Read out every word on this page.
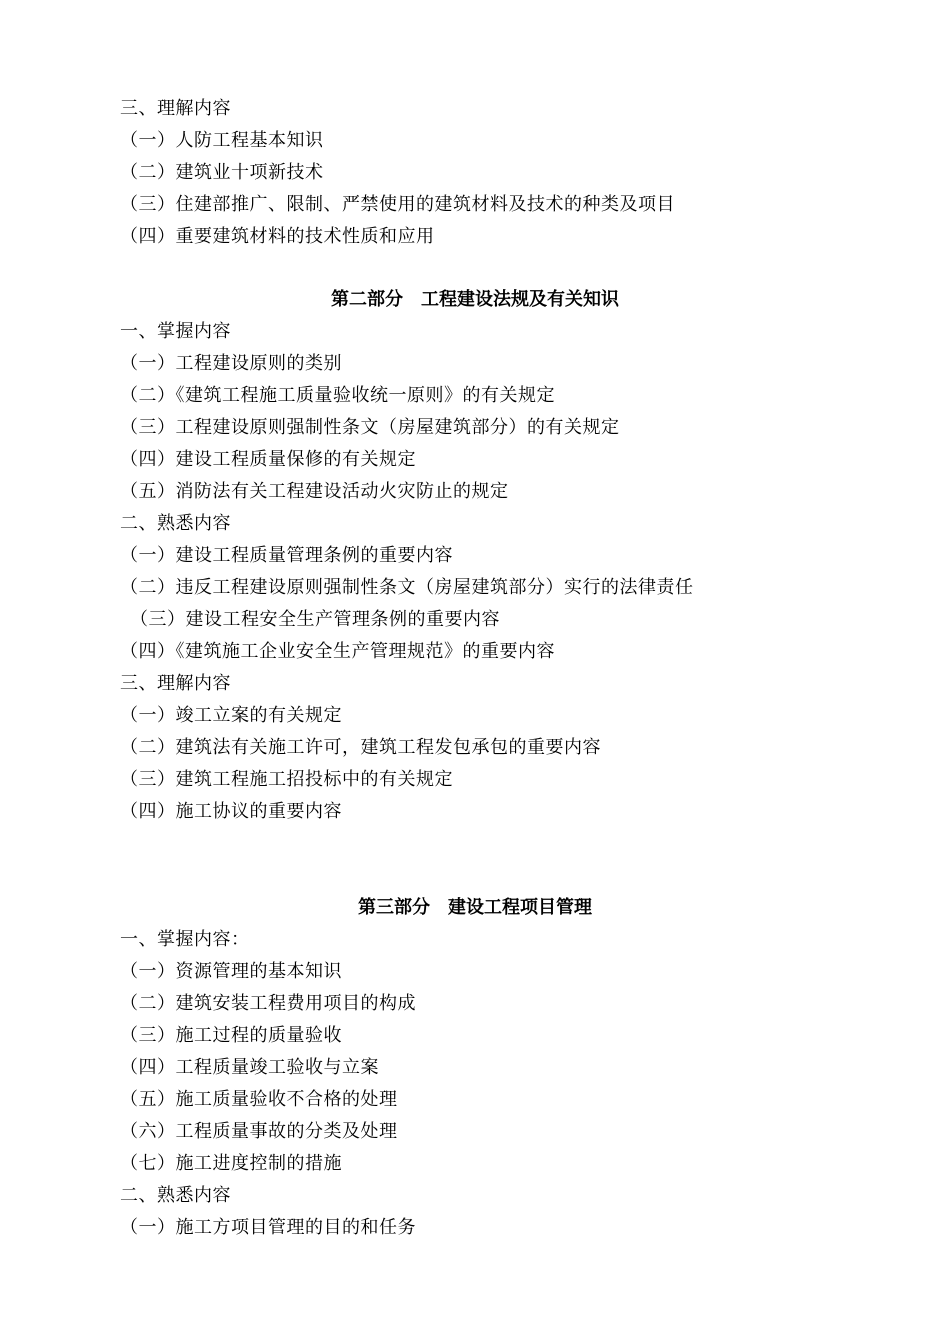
三、理解内容
（一）人防工程基本知识
（二）建筑业十项新技术
（三）住建部推广、限制、严禁使用的建筑材料及技术的种类及项目
（四）重要建筑材料的技术性质和应用
第二部分　工程建设法规及有关知识
一、掌握内容
（一）工程建设原则的类别
（二）《建筑工程施工质量验收统一原则》的有关规定
（三）工程建设原则强制性条文（房屋建筑部分）的有关规定
（四）建设工程质量保修的有关规定
（五）消防法有关工程建设活动火灾防止的规定
二、熟悉内容
（一）建设工程质量管理条例的重要内容
（二）违反工程建设原则强制性条文（房屋建筑部分）实行的法律责任
（三）建设工程安全生产管理条例的重要内容
（四）《建筑施工企业安全生产管理规范》的重要内容
三、理解内容
（一）竣工立案的有关规定
（二）建筑法有关施工许可，建筑工程发包承包的重要内容
（三）建筑工程施工招投标中的有关规定
（四）施工协议的重要内容
第三部分　建设工程项目管理
一、掌握内容：
（一）资源管理的基本知识
（二）建筑安装工程费用项目的构成
（三）施工过程的质量验收
（四）工程质量竣工验收与立案
（五）施工质量验收不合格的处理
（六）工程质量事故的分类及处理
（七）施工进度控制的措施
二、熟悉内容
（一）施工方项目管理的目的和任务
